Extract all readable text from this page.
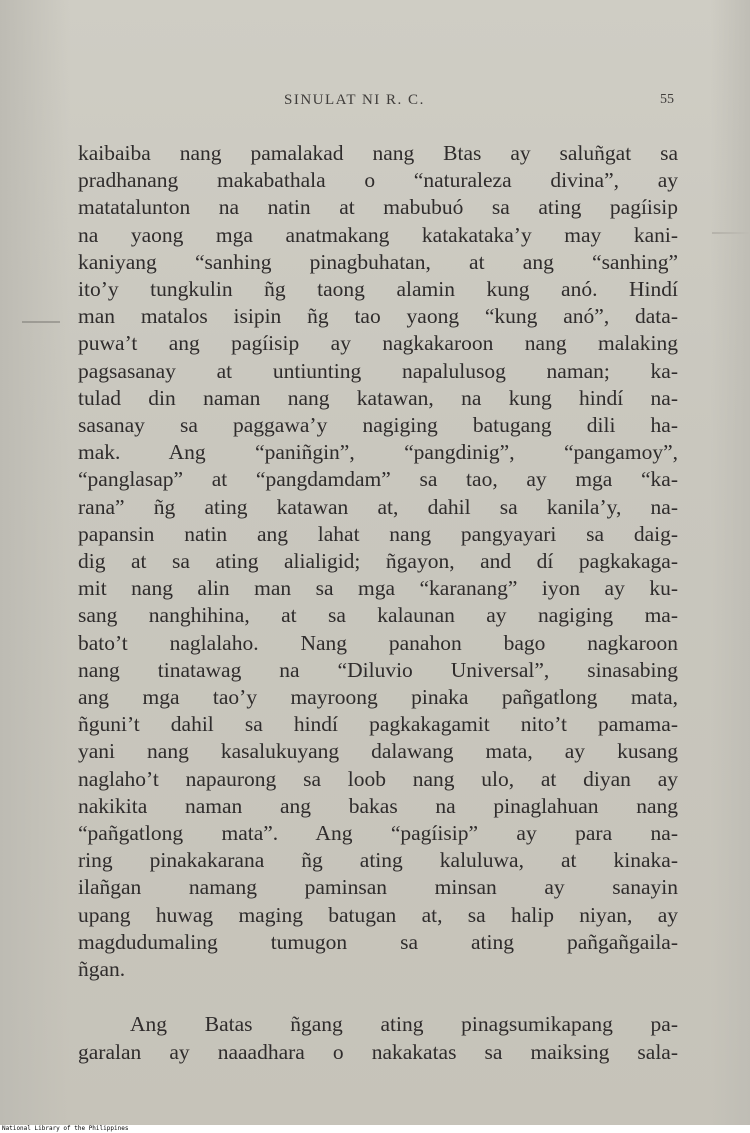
SINULAT NI R. C.	55
kaibaiba nang pamalakad nang Btas ay saluñgat sa
pradhanang makabathala o “naturaleza divina”, ay
matatalunton na natin at mabubuó sa ating pagíisip
na yaong mga anatmakang katakataka’y may kani-
kaniyang “sanhing pinagbuhatan, at ang “sanhing”
ito’y tungkulin ñg taong alamin kung anó. Hindí
man matalos isipin ñg tao yaong “kung anó”, data-
puwa’t ang pagíisip ay nagkakaroon nang malaking
pagsasanay at untiunting napalulusog naman; ka-
tulad din naman nang katawan, na kung hindí na-
sasanay sa paggawa’y nagiging batugang dili ha-
mak. Ang “paniñgin”, “pangdinig”, “pangamoy”,
“panglasap” at “pangdamdam” sa tao, ay mga “ka-
rana” ñg ating katawan at, dahil sa kanila’y, na-
papansin natin ang lahat nang pangyayari sa daig-
dig at sa ating alialigid; ñgayon, and dí pagkakaga-
mit nang alin man sa mga “karanang” iyon ay ku-
sang nanghihina, at sa kalaunan ay nagiging ma-
bato’t naglalaho. Nang panahon bago nagkaroon
nang tinatawag na “Diluvio Universal”, sinasabing
ang mga tao’y mayroong pinaka pañgatlong mata,
ñguni’t dahil sa hindí pagkakagamit nito’t pamama-
yani nang kasalukuyang dalawang mata, ay kusang
naglaho’t napaurong sa loob nang ulo, at diyan ay
nakikita naman ang bakas na pinaglahuan nang
“pañgatlong mata”. Ang “pagíisip” ay para na-
ring pinakakarana ñg ating kaluluwa, at kinaka-
ilañgan namang paminsan minsan ay sanayin
upang huwag maging batugan at, sa halip niyan, ay
magdudumaling tumugon sa ating pañgañgaila-
ñgan.
Ang Batas ñgang ating pinagsumikapang pa-
garalan ay naaadhara o nakakatas sa maiksing sala-
National Library of the Philippines
